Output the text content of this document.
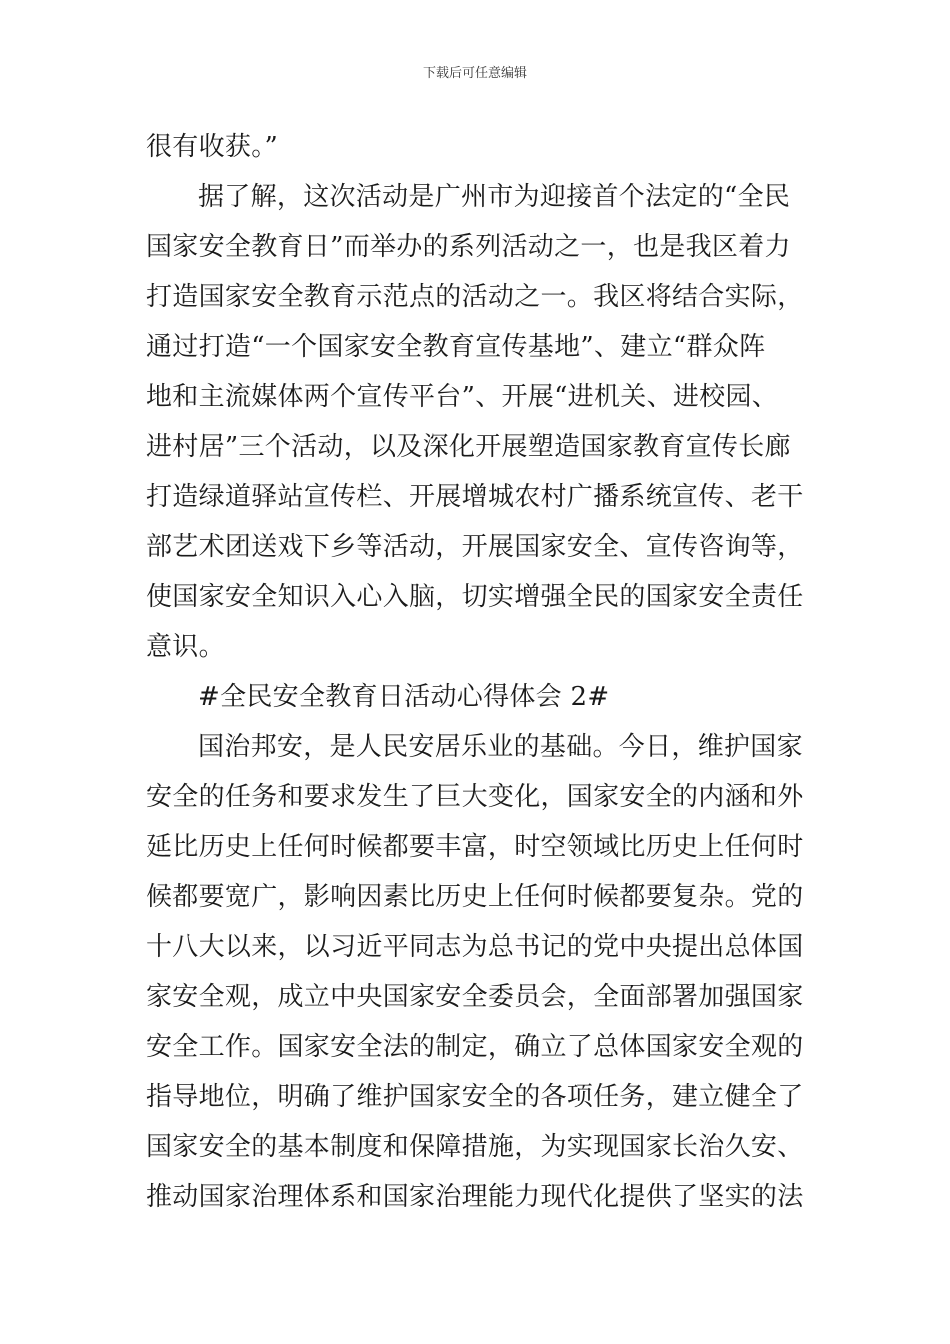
下载后可任意编辑
很有收获。”
据了解，这次活动是广州市为迎接首个法定的“全民
国家安全教育日”而举办的系列活动之一，也是我区着力
打造国家安全教育示范点的活动之一。我区将结合实际，
通过打造“一个国家安全教育宣传基地”、建立“群众阵
地和主流媒体两个宣传平台”、开展“进机关、进校园、
进村居”三个活动，以及深化开展塑造国家教育宣传长廊
打造绿道驿站宣传栏、开展增城农村广播系统宣传、老干
部艺术团送戏下乡等活动，开展国家安全、宣传咨询等，
使国家安全知识入心入脑，切实增强全民的国家安全责任
意识。
#全民安全教育日活动心得体会 2#
国治邦安，是人民安居乐业的基础。今日，维护国家
安全的任务和要求发生了巨大变化，国家安全的内涵和外
延比历史上任何时候都要丰富，时空领域比历史上任何时
候都要宽广，影响因素比历史上任何时候都要复杂。党的
十八大以来，以习近平同志为总书记的党中央提出总体国
家安全观，成立中央国家安全委员会，全面部署加强国家
安全工作。国家安全法的制定，确立了总体国家安全观的
指导地位，明确了维护国家安全的各项任务，建立健全了
国家安全的基本制度和保障措施，为实现国家长治久安、
推动国家治理体系和国家治理能力现代化提供了坚实的法
